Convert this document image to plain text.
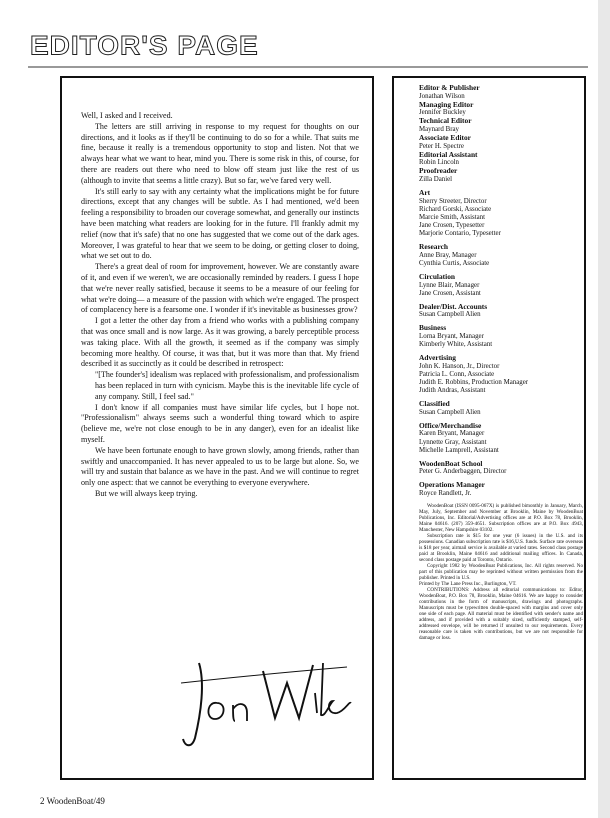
EDITOR'S PAGE

Well, I asked and I received.

The letters are still arriving in response to my request for thoughts on our directions, and it looks as if they'll be continuing to do so for a while. That suits me fine, because it really is a tremendous opportunity to stop and listen. Not that we always hear what we want to hear, mind you. There is some risk in this, of course, for there are readers out there who need to blow off steam just like the rest of us (although to invite that seems a little crazy). But so far, we've fared very well.

It's still early to say with any certainty what the implications might be for future directions, except that any changes will be subtle. As I had mentioned, we'd been feeling a responsibility to broaden our coverage somewhat, and generally our instincts have been matching what readers are looking for in the future. I'll frankly admit my relief (now that it's safe) that no one has suggested that we come out of the dark ages. Moreover, I was grateful to hear that we seem to be doing, or getting closer to doing, what we set out to do.

There's a great deal of room for improvement, however. We are constantly aware of it, and even if we weren't, we are occasionally reminded by readers. I guess I hope that we're never really satisfied, because it seems to be a measure of our feeling for what we're doing— a measure of the passion with which we're engaged. The prospect of complacency here is a fearsome one. I wonder if it's inevitable as businesses grow?

I got a letter the other day from a friend who works with a publishing company that was once small and is now large. As it was growing, a barely perceptible process was taking place. With all the growth, it seemed as if the company was simply becoming more healthy. Of course, it was that, but it was more than that. My friend described it as succinctly as it could be described in retrospect:

"[The founder's] idealism was replaced with professionalism, and professionalism has been replaced in turn with cynicism. Maybe this is the inevitable life cycle of any company. Still, I feel sad."

I don't know if all companies must have similar life cycles, but I hope not. "Professionalism" always seems such a wonderful thing toward which to aspire (believe me, we're not close enough to be in any danger), even for an idealist like myself.

We have been fortunate enough to have grown slowly, among friends, rather than swiftly and unaccompanied. It has never appealed to us to be large but alone. So, we will try and sustain that balance as we have in the past. And we will continue to regret only one aspect: that we cannot be everything to everyone everywhere.

But we will always keep trying.

Editor & Publisher
Jonathan Wilson
Managing Editor
Jennifer Buckley
Technical Editor
Maynard Bray
Associate Editor
Peter H. Spectre
Editorial Assistant
Robin Lincoln
Proofreader
Zilla Daniel
Art
Sherry Streeter, Director
Richard Gorski, Associate
Marcie Smith, Assistant
Jane Crosen, Typesetter
Marjorie Contario, Typesetter
Research
Anne Bray, Manager
Cynthia Curtis, Associate
Circulation
Lynne Blair, Manager
Jane Crosen, Assistant
Dealer/Dist. Accounts
Susan Campbell Alien
Business
Lorna Bryant, Manager
Kimberly White, Assistant
Advertising
John K. Hanson, Jr., Director
Patricia L. Conn, Associate
Judith E. Robbins, Production Manager
Judith Andras, Assistant
Classified
Susan Campbell Alien
Office/Merchandise
Karen Bryant, Manager
Lynnette Gray, Assistant
Michelle Lamprell, Assistant
WoodenBoat School
Peter G. Anderbaggen, Director
Operations Manager
Royce Randlett, Jr.

WoodenBoat (ISSN 0095-067X) is published bimonthly in January, March, May, July, September and November at Brooklin, Maine by WoodenBoat Publications, Inc. Editorial/Advertising offices are at P.O. Box 78, Brooklin, Maine 04616. (207) 359-4651. Subscription offices are at P.O. Box 4943, Manchester, New Hampshire 03102.

Subscription rate is $15 for one year (6 issues) in the U.S. and its possessions. Canadian subscription rate is $16,U.S. funds. Surface rate overseas is $18 per year, airmail service is available at varied rates. Second class postage paid at Brooklin, Maine 04616 and additional mailing offices. In Canada, second class postage paid at Toronto, Ontario.

Copyright 1982 by WoodenBoat Publications, Inc. All rights reserved. No part of this publication may be reprinted without written permission from the publisher. Printed in U.S.

Printed by The Lane Press Inc., Burlington, VT.

CONTRIBUTIONS: Address all editorial communications to: Editor, WoodenBoat, P.O. Box 78, Brooklin, Maine 04616. We are happy to consider contributions in the form of manuscripts, drawings and photographs. Manuscripts must be typewritten double-spaced with margins and cover only one side of each page. All material must be identified with sender's name and address, and if provided with a suitably sized, sufficiently stamped, self-addressed envelope, will be returned if unsuited to our requirements. Every reasonable care is taken with contributions, but we are not responsible for damage or loss.

2 WoodenBoat/49
